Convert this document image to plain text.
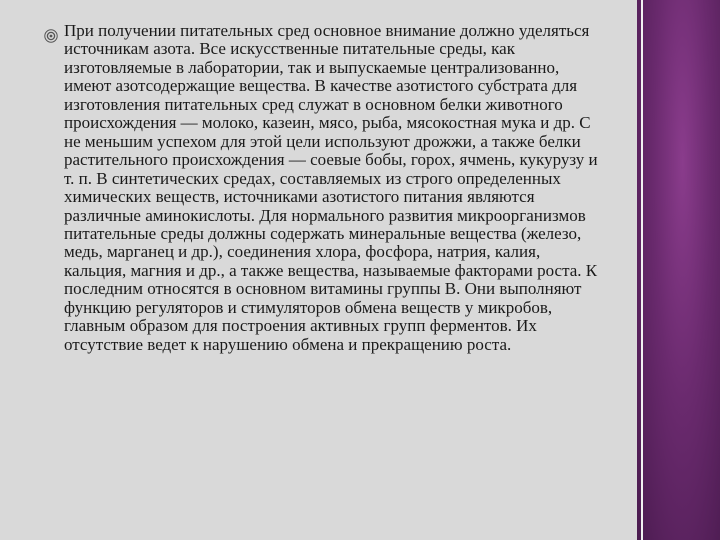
При получении питательных сред основное внимание должно уделяться источникам азота. Все искусственные питательные среды, как изготовляемые в лаборатории, так и выпускаемые централизованно, имеют азотсодержащие вещества. В качестве азотистого субстрата для изготовления питательных сред служат в основном белки животного происхождения — молоко, казеин, мясо, рыба, мясокостная мука и др. С не меньшим успехом для этой цели используют дрожжи, а также белки растительного происхождения — соевые бобы, горох, ячмень, кукурузу и т. п. В синтетических средах, составляемых из строго определенных химических веществ, источниками азотистого питания являются различные аминокислоты. Для нормального развития микроорганизмов питательные среды должны содержать минеральные вещества (железо, медь, марганец и др.), соединения хлора, фосфора, натрия, калия, кальция, магния и др., а также вещества, называемые факторами роста. К последним относятся в основном витамины группы В. Они выполняют функцию регуляторов и стимуляторов обмена веществ у микробов, главным образом для построения активных групп ферментов. Их отсутствие ведет к нарушению обмена и прекращению роста.
